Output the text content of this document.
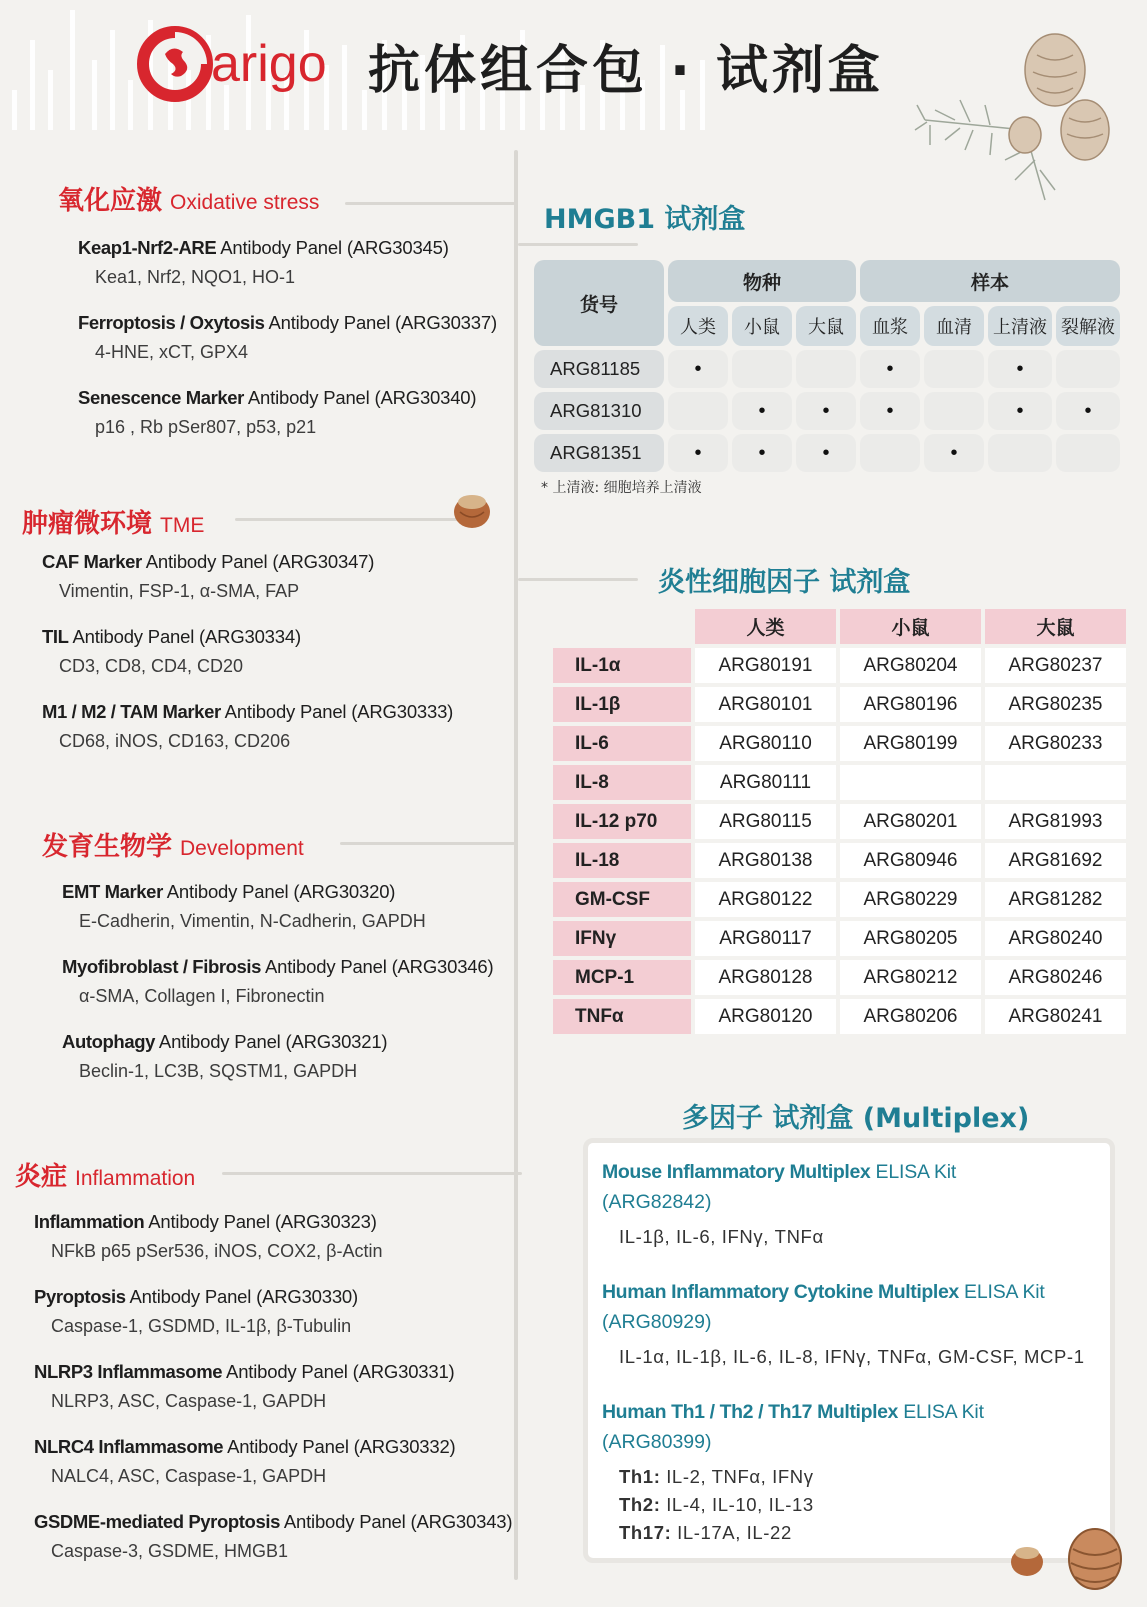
arigo 抗体组合包 · 试剂盒
氧化应激 Oxidative stress
Keap1-Nrf2-ARE Antibody Panel (ARG30345)
Kea1, Nrf2, NQO1, HO-1
Ferroptosis / Oxytosis Antibody Panel (ARG30337)
4-HNE, xCT, GPX4
Senescence Marker Antibody Panel (ARG30340)
p16 , Rb pSer807, p53, p21
肿瘤微环境 TME
CAF Marker Antibody Panel (ARG30347)
Vimentin, FSP-1, α-SMA, FAP
TIL Antibody Panel (ARG30334)
CD3, CD8, CD4, CD20
M1 / M2 / TAM Marker Antibody Panel (ARG30333)
CD68, iNOS, CD163, CD206
发育生物学 Development
EMT Marker Antibody Panel (ARG30320)
E-Cadherin, Vimentin, N-Cadherin, GAPDH
Myofibroblast / Fibrosis Antibody Panel (ARG30346)
α-SMA, Collagen I, Fibronectin
Autophagy Antibody Panel (ARG30321)
Beclin-1, LC3B, SQSTM1, GAPDH
炎症 Inflammation
Inflammation Antibody Panel (ARG30323)
NFkB p65 pSer536, iNOS, COX2, β-Actin
Pyroptosis Antibody Panel (ARG30330)
Caspase-1, GSDMD, IL-1β, β-Tubulin
NLRP3 Inflammasome Antibody Panel (ARG30331)
NLRP3, ASC, Caspase-1, GAPDH
NLRC4 Inflammasome Antibody Panel (ARG30332)
NALC4, ASC, Caspase-1, GAPDH
GSDME-mediated Pyroptosis Antibody Panel (ARG30343)
Caspase-3, GSDME, HMGB1
HMGB1 试剂盒
货号	物种			样本			
	人类	小鼠	大鼠	血浆	血清	上清液	裂解液
ARG81185	•			•		•	
ARG81310		•	•	•		•	•
ARG81351	•	•	•		•		
* 上清液: 细胞培养上清液
炎性细胞因子 试剂盒
	人类	小鼠	大鼠
IL-1α	ARG80191	ARG80204	ARG80237
IL-1β	ARG80101	ARG80196	ARG80235
IL-6	ARG80110	ARG80199	ARG80233
IL-8	ARG80111		
IL-12 p70	ARG80115	ARG80201	ARG81993
IL-18	ARG80138	ARG80946	ARG81692
GM-CSF	ARG80122	ARG80229	ARG81282
IFNγ	ARG80117	ARG80205	ARG80240
MCP-1	ARG80128	ARG80212	ARG80246
TNFα	ARG80120	ARG80206	ARG80241
多因子 试剂盒 (Multiplex)
Mouse Inflammatory Multiplex ELISA Kit
(ARG82842)
IL-1β, IL-6, IFNγ, TNFα
Human Inflammatory Cytokine Multiplex ELISA Kit
(ARG80929)
IL-1α, IL-1β, IL-6, IL-8, IFNγ, TNFα, GM-CSF, MCP-1
Human Th1 / Th2 / Th17 Multiplex ELISA Kit
(ARG80399)
Th1: IL-2, TNFα, IFNγ
Th2: IL-4, IL-10, IL-13
Th17: IL-17A, IL-22
